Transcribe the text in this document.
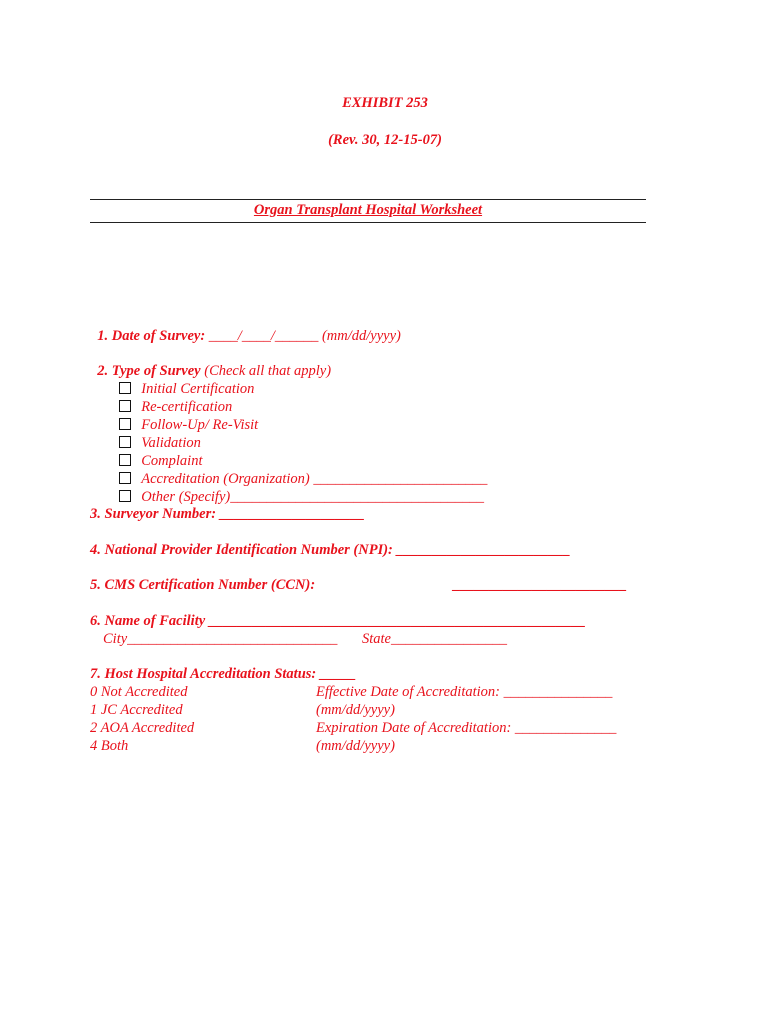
EXHIBIT 253
(Rev. 30, 12-15-07)
Organ Transplant Hospital Worksheet

1. Date of Survey: ____/____/______ (mm/dd/yyyy)

2. Type of Survey (Check all that apply)

Initial Certification

Re-certification

Follow-Up/ Re-Visit

Validation

Complaint

Accreditation (Organization) ________________________

Other (Specify)___________________________________

3. Surveyor Number: ____________________
4. National Provider Identification Number (NPI): ________________________
5. CMS Certification Number (CCN):	________________________
6. Name of Facility ____________________________________________________
City_____________________________ State________________
7. Host Hospital Accreditation Status: _____
0 Not Accredited
1 JC Accredited
2 AOA Accredited
4 Both
Effective Date of Accreditation: _______________
(mm/dd/yyyy)
Expiration Date of Accreditation: ______________
(mm/dd/yyyy)
